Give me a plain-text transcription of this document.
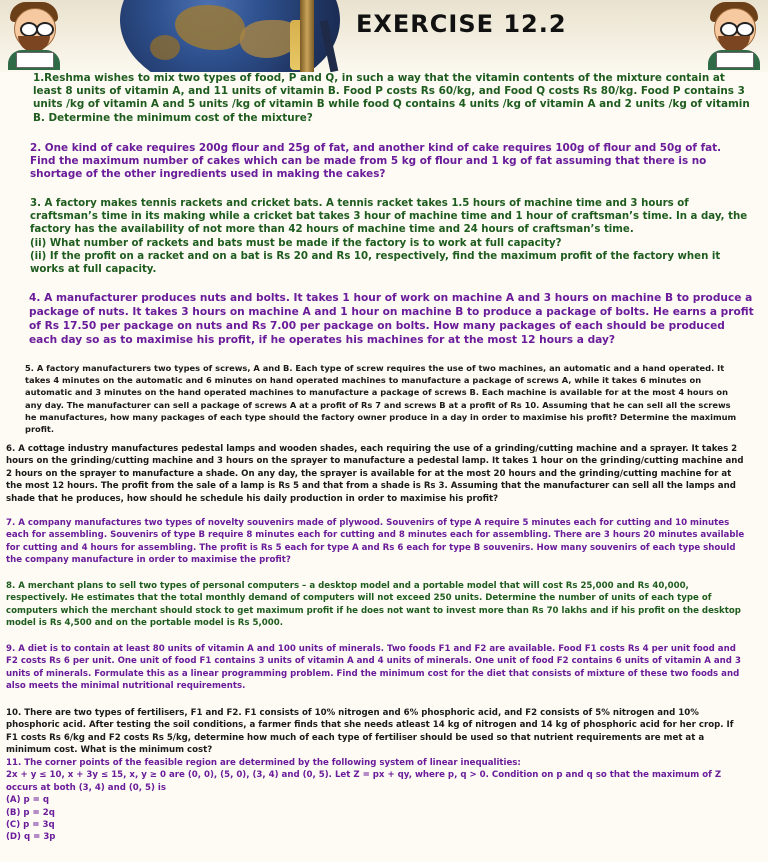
EXERCISE 12.2

1.Reshma wishes to mix two types of food, P and Q, in such a way that the vitamin contents of the mixture contain at least 8 units of vitamin A, and 11 units of vitamin B. Food P costs Rs 60/kg, and Food Q costs Rs 80/kg. Food P contains 3 units /kg of vitamin A and 5 units /kg of vitamin B while food Q contains 4 units /kg of vitamin A and 2 units /kg of vitamin B. Determine the minimum cost of the mixture?

2. One kind of cake requires 200g flour and 25g of fat, and another kind of cake requires 100g of flour and 50g of fat. Find the maximum number of cakes which can be made from 5 kg of flour and 1 kg of fat assuming that there is no shortage of the other ingredients used in making the cakes?

3. A factory makes tennis rackets and cricket bats. A tennis racket takes 1.5 hours of machine time and 3 hours of craftsman’s time in its making while a cricket bat takes 3 hour of machine time and 1 hour of craftsman’s time. In a day, the factory has the availability of not more than 42 hours of machine time and 24 hours of craftsman’s time.
(ii) What number of rackets and bats must be made if the factory is to work at full capacity?
(ii) If the profit on a racket and on a bat is Rs 20 and Rs 10, respectively, find the maximum profit of the factory when it works at full capacity.

4. A manufacturer produces nuts and bolts. It takes 1 hour of work on machine A and 3 hours on machine B to produce a package of nuts. It takes 3 hours on machine A and 1 hour on machine B to produce a package of bolts. He earns a profit of Rs 17.50 per package on nuts and Rs 7.00 per package on bolts. How many packages of each should be produced each day so as to maximise his profit, if he operates his machines for at the most 12 hours a day?

5. A factory manufacturers two types of screws, A and B. Each type of screw requires the use of two machines, an automatic and a hand operated. It takes 4 minutes on the automatic and 6 minutes on hand operated machines to manufacture a package of screws A, while it takes 6 minutes on automatic and 3 minutes on the hand operated machines to manufacture a package of screws B. Each machine is available for at the most 4 hours on any day. The manufacturer can sell a package of screws A at a profit of Rs 7 and screws B at a profit of Rs 10. Assuming that he can sell all the screws he manufactures, how many packages of each type should the factory owner produce in a day in order to maximise his profit? Determine the maximum profit.

6. A cottage industry manufactures pedestal lamps and wooden shades, each requiring the use of a grinding/cutting machine and a sprayer. It takes 2 hours on the grinding/cutting machine and 3 hours on the sprayer to manufacture a pedestal lamp. It takes 1 hour on the grinding/cutting machine and 2 hours on the sprayer to manufacture a shade. On any day, the sprayer is available for at the most 20 hours and the grinding/cutting machine for at the most 12 hours. The profit from the sale of a lamp is Rs 5 and that from a shade is Rs 3. Assuming that the manufacturer can sell all the lamps and shade that he produces, how should he schedule his daily production in order to maximise his profit?

7. A company manufactures two types of novelty souvenirs made of plywood. Souvenirs of type A require 5 minutes each for cutting and 10 minutes each for assembling. Souvenirs of type B require 8 minutes each for cutting and 8 minutes each for assembling. There are 3 hours 20 minutes available for cutting and 4 hours for assembling. The profit is Rs 5 each for type A and Rs 6 each for type B souvenirs. How many souvenirs of each type should the company manufacture in order to maximise the profit?

8. A merchant plans to sell two types of personal computers – a desktop model and a portable model that will cost Rs 25,000 and Rs 40,000, respectively. He estimates that the total monthly demand of computers will not exceed 250 units. Determine the number of units of each type of computers which the merchant should stock to get maximum profit if he does not want to invest more than Rs 70 lakhs and if his profit on the desktop model is Rs 4,500 and on the portable model is Rs 5,000.

9. A diet is to contain at least 80 units of vitamin A and 100 units of minerals. Two foods F1 and F2 are available. Food F1 costs Rs 4 per unit food and F2 costs Rs 6 per unit. One unit of food F1 contains 3 units of vitamin A and 4 units of minerals. One unit of food F2 contains 6 units of vitamin A and 3 units of minerals. Formulate this as a linear programming problem. Find the minimum cost for the diet that consists of mixture of these two foods and also meets the minimal nutritional requirements.

10. There are two types of fertilisers, F1 and F2. F1 consists of 10% nitrogen and 6% phosphoric acid, and F2 consists of 5% nitrogen and 10% phosphoric acid. After testing the soil conditions, a farmer finds that she needs atleast 14 kg of nitrogen and 14 kg of phosphoric acid for her crop. If F1 costs Rs 6/kg and F2 costs Rs 5/kg, determine how much of each type of fertiliser should be used so that nutrient requirements are met at a minimum cost. What is the minimum cost?

11. The corner points of the feasible region are determined by the following system of linear inequalities:
2x + y ≤ 10, x + 3y ≤ 15, x, y ≥ 0 are (0, 0), (5, 0), (3, 4) and (0, 5). Let Z = px + qy, where p, q > 0. Condition on p and q so that the maximum of Z occurs at both (3, 4) and (0, 5) is
(A) p = q
(B) p = 2q
(C) p = 3q
(D) q = 3p
